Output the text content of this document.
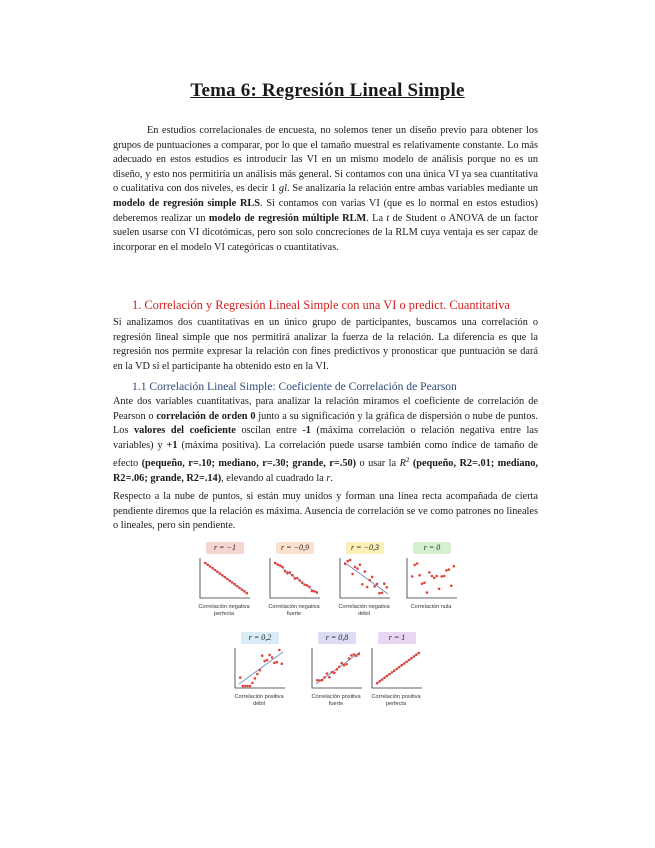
Tema 6: Regresión Lineal Simple

En estudios correlacionales de encuesta, no solemos tener un diseño previo para obtener los grupos de puntuaciones a comparar, por lo que el tamaño muestral es relativamente constante. Lo más adecuado en estos estudios es introducir las VI en un mismo modelo de análisis porque no es un diseño, y esto nos permitiría un análisis más general. Si contamos con una única VI ya sea cuantitativa o cualitativa con dos niveles, es decir 1 gl. Se analizaría la relación entre ambas variables mediante un modelo de regresión simple RLS. Si contamos con varias VI (que es lo normal en estos estudios) deberemos realizar un modelo de regresión múltiple RLM. La t de Student o ANOVA de un factor suelen usarse con VI dicotómicas, pero son solo concreciones de la RLM cuya ventaja es ser capaz de incorporar en el modelo VI categóricas o cuantitativas.

1. Correlación y Regresión Lineal Simple con una VI o predict. Cuantitativa

Si analizamos dos cuantitativas en un único grupo de participantes, buscamos una correlación o regresión lineal simple que nos permitirá analizar la fuerza de la relación. La diferencia es que la regresión nos permite expresar la relación con fines predictivos y pronosticar que puntuación se dará en la VD si el participante ha obtenido esto en la VI.

1.1 Correlación Lineal Simple: Coeficiente de Correlación de Pearson

Ante dos variables cuantitativas, para analizar la relación miramos el coeficiente de correlación de Pearson o correlación de orden 0 junto a su significación y la gráfica de dispersión o nube de puntos. Los valores del coeficiente oscilan entre -1 (máxima correlación o relación negativa entre las variables) y +1 (máxima positiva). La correlación puede usarse también como índice de tamaño de efecto (pequeño, r=.10; mediano, r=.30; grande, r=.50) o usar la $R^2$ (pequeño, R2=.01; mediano, R2=.06; grande, R2=.14), elevando al cuadrado la r.

Respecto a la nube de puntos, si están muy unidos y forman una línea recta acompañada de cierta pendiente diremos que la relación es máxima. Ausencia de correlación se ve como patrones no lineales o lineales, pero sin pendiente.

r = −1
Correlación negativa
perfecta
r = −0,9
Correlación negativa
fuerte
r = −0,3
Correlación negativa
débil
r = 0
Correlación nula
r = 0,2
Correlación positiva
débil
r = 0,8
Correlación positiva
fuerte
r = 1
Correlación positiva
perfecta
